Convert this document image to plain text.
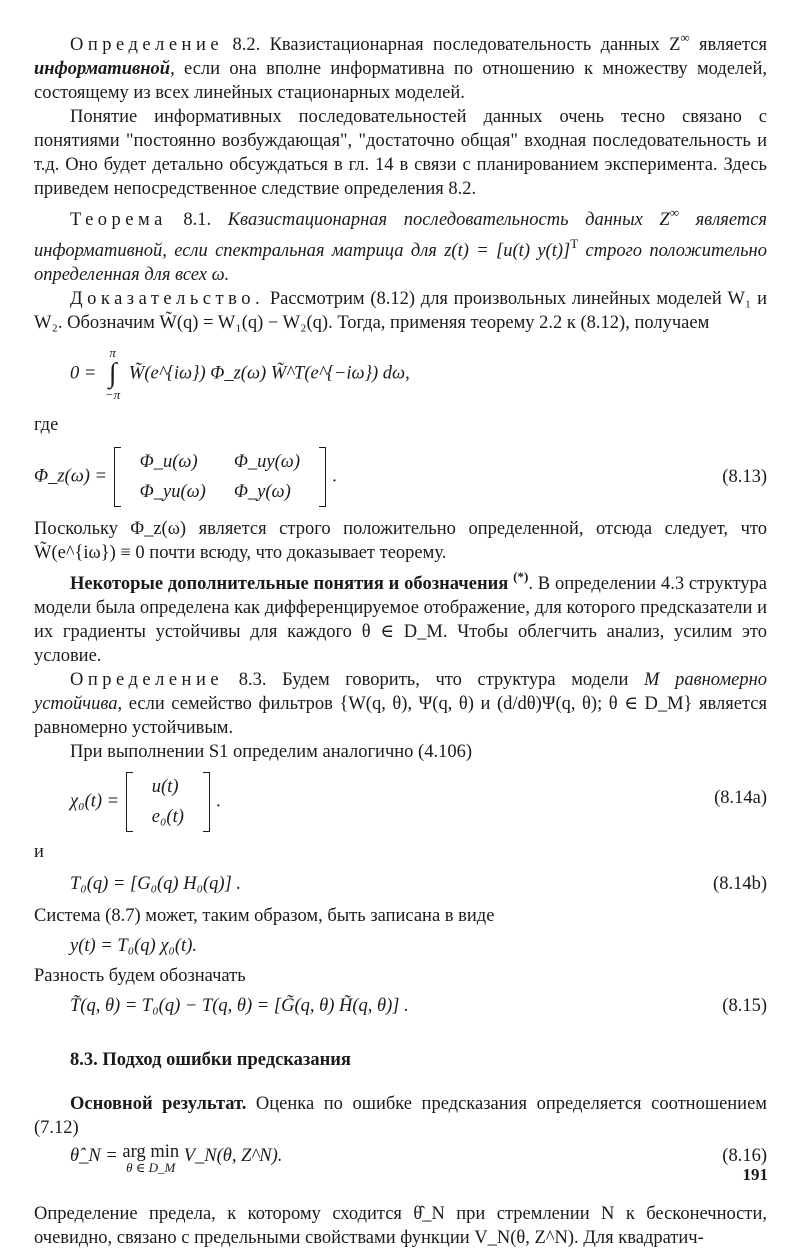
Определение 8.2. Квазистационарная последовательность данных Z∞ является информативной, если она вполне информативна по отношению к множеству моделей, состоящему из всех линейных стационарных моделей.

Понятие информативных последовательностей данных очень тесно связано с понятиями "постоянно возбуждающая", "достаточно общая" входная последовательность и т.д. Оно будет детально обсуждаться в гл. 14 в связи с планированием эксперимента. Здесь приведем непосредственное следствие определения 8.2.

Теорема 8.1. Квазистационарная последовательность данных Z∞ является информативной, если спектральная матрица для z(t) = [u(t) y(t)]$^T$ строго положительно определенная для всех ω.

Доказательство. Рассмотрим (8.12) для произвольных линейных моделей W₁ и W₂. Обозначим W̃(q) = W₁(q) − W₂(q). Тогда, применяя теорему 2.2 к (8.12), получаем

0 =
π
∫
−π
W̃(e^{iω}) Φ_z(ω) W̃^T(e^{−iω}) dω,

где

Φ_z(ω) =
Φ_u(ω)	Φ_uy(ω)
Φ_yu(ω)	Φ_y(ω)
.	(8.13)

Поскольку Φ_z(ω) является строго положительно определенной, отсюда следует, что W̃(e^{iω}) ≡ 0 почти всюду, что доказывает теорему.

Некоторые дополнительные понятия и обозначения (*). В определении 4.3 структура модели была определена как дифференцируемое отображение, для которого предсказатели и их градиенты устойчивы для каждого θ ∈ D_M. Чтобы облегчить анализ, усилим это условие.

Определение 8.3. Будем говорить, что структура модели M равномерно устойчива, если семейство фильтров {W(q, θ), Ψ(q, θ) и (d/dθ)Ψ(q, θ); θ ∈ D_M} является равномерно устойчивым.

При выполнении S1 определим аналогично (4.106)

χ₀(t) =
u(t)
e₀(t)
.	(8.14a)

и

T₀(q) = [G₀(q) H₀(q)] .	(8.14b)

Система (8.7) может, таким образом, быть записана в виде

y(t) = T₀(q) χ₀(t).

Разность будем обозначать

T̃(q, θ) = T₀(q) − T(q, θ) = [G̃(q, θ) H̃(q, θ)] .	(8.15)

8.3. Подход ошибки предсказания

Основной результат. Оценка по ошибке предсказания определяется соотношением (7.12)

θ̂_N = arg min
θ ∈ D_M
V_N(θ, Z^N).	(8.16)

Определение предела, к которому сходится θ̂_N при стремлении N к бесконечности, очевидно, связано с предельными свойствами функции V_N(θ, Z^N). Для квадратич-

191
